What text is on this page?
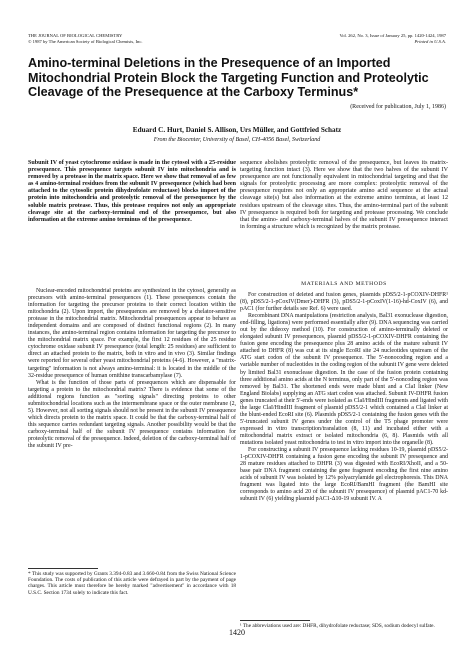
THE JOURNAL OF BIOLOGICAL CHEMISTRY
© 1987 by The American Society of Biological Chemists, Inc.
Vol. 262, No. 3, Issue of January 25, pp. 1420-1424, 1987
Printed in U.S.A.
Amino-terminal Deletions in the Presequence of an Imported Mitochondrial Protein Block the Targeting Function and Proteolytic Cleavage of the Presequence at the Carboxy Terminus*
(Received for publication, July 1, 1986)
Eduard C. Hurt, Daniel S. Allison, Urs Müller, and Gottfried Schatz
From the Biocenter, University of Basel, CH-4056 Basel, Switzerland
Subunit IV of yeast cytochrome oxidase is made in the cytosol with a 25-residue presequence. This presequence targets subunit IV into mitochondria and is removed by a protease in the matrix space. Here we show that removal of as few as 4 amino-terminal residues from the subunit IV presequence (which had been attached to the cytosolic protein dihydrofolate reductase) blocks import of the protein into mitochondria and proteolytic removal of the presequence by the soluble matrix protease. Thus, this protease requires not only an appropriate cleavage site at the carboxy-terminal end of the presequence, but also information at the extreme amino terminus of the presequence.
sequence abolishes proteolytic removal of the presequence, but leaves its matrix-targeting function intact (3). Here we show that the two halves of the subunit IV presequence are not functionally equivalent in mitochondrial targeting and that the signals for proteolytic processing are more complex: proteolytic removal of the presequence requires not only an appropriate amino acid sequence at the actual cleavage site(s) but also information at the extreme amino terminus, at least 12 residues upstream of the cleavage sites. Thus, the amino-terminal part of the subunit IV presequence is required both for targeting and protease processing. We conclude that the amino- and carboxy-terminal halves of the subunit IV presequence interact in forming a structure which is recognized by the matrix protease.

Nuclear-encoded mitochondrial proteins are synthesized in the cytosol, generally as precursors with amino-terminal presequences (1). These presequences contain the information for targeting the precursor proteins to their correct location within the mitochondria (2). Upon import, the presequences are removed by a chelator-sensitive protease in the mitochondrial matrix. Mitochondrial presequences appear to behave as independent domains and are composed of distinct functional regions (2). In many instances, the amino-terminal region contains information for targeting the precursor to the mitochondrial matrix space. For example, the first 12 residues of the 25 residue cytochrome oxidase subunit IV presequence (total length: 25 residues) are sufficient to direct an attached protein to the matrix, both in vitro and in vivo (3). Similar findings were reported for several other yeast mitochondrial proteins (4-6). However, a "matrix-targeting" information is not always amino-terminal: it is located in the middle of the 32-residue presequence of human ornithine transcarbamylase (7).

What is the function of those parts of presequences which are dispensable for targeting a protein to the mitochondrial matrix? There is evidence that some of the additional regions function as "sorting signals" directing proteins to other submitochondrial locations such as the intermembrane space or the outer membrane (2, 5). However, not all sorting signals should not be present in the subunit IV presequence which directs protein to the matrix space. It could be that the carboxy-terminal half of this sequence carries redundant targeting signals. Another possibility would be that the carboxy-terminal half of the subunit IV presequence contains information for proteolytic removal of the presequence. Indeed, deletion of the carboxy-terminal half of the subunit IV pre-

MATERIALS AND METHODS

For construction of deleted and fusion genes, plasmids pDS5/2-1-pCOXIV-DHFR¹ (8), pDS5/2-1-pCoxIV(Dmer)-DHFR (3), pDS5/2-1-pCoxIV(1-16)-hd-CoxIV (6), and pAC1 (for further details see Ref. 6) were used.

Recombinant DNA manipulations (restriction analysis, Bal31 exonuclease digestion, end-filling, ligations) were performed essentially after (9). DNA sequencing was carried out by the dideoxy method (10). For construction of amino-terminally deleted or elongated subunit IV presequences, plasmid pDS5/2-1-pCOXIV-DHFR containing the fusion gene encoding the presequence plus 28 amino acids of the mature subunit IV attached to DHFR (8) was cut at its single EcoRI site 24 nucleotides upstream of the ATG start codon of the subunit IV presequence. The 5'-nonocoding region and a variable number of nucleotides in the coding region of the subunit IV gene were deleted by limited Bal31 exonuclease digestion. In the case of the fusion protein containing three additional amino acids at the N terminus, only part of the 5'-noncoding region was removed by Bal31. The shortened ends were made blunt and a ClaI linker (New England Biolabs) supplying an ATG start codon was attached. Subunit IV-DHFR fusion genes truncated at their 5'-ends were isolated as ClaI/HindIII fragments and ligated with the large ClaI/HindIII fragment of plasmid pDS5/2-1 which contained a ClaI linker at the blunt-ended EcoRI site (6). Plasmids pDS5/2-1 containing the fusion genes with the 5'-truncated subunit IV genes under the control of the T5 phage promoter were expressed in vitro transcription/translation (8, 11) and incubated either with a mitochondrial matrix extract or isolated mitochondria (6, 8). Plasmids with all mutations isolated yeast mitochondria to test in vitro import into the organelle (8).

For constructing a subunit IV presequence lacking residues 10-19, plasmid pDS5/2-1-pCOXIV-DHFR containing a fusion gene encoding the subunit IV presequence and 28 mature residues attached to DHFR (3) was digested with EcoRI/XhoII, and a 50-base pair DNA fragment containing the gene fragment encoding the first nine amino acids of subunit IV was isolated by 12% polyacrylamide gel electrophoresis. This DNA fragment was ligated into the large EcoRI/BamHI fragment (the BamHI site corresponds to amino acid 20 of the subunit IV presequence) of plasmid pAC1-70 kd-subunit IV (6) yielding plasmid pAC1-Δ10-19 subunit IV. A

* This study was supported by Grants 3.394-0.83 and 3.660-0.84 from the Swiss National Science Foundation. The costs of publication of this article were defrayed in part by the payment of page charges. This article must therefore be hereby marked "advertisement" in accordance with 18 U.S.C. Section 1734 solely to indicate this fact.
¹ The abbreviations used are: DHFR, dihydrofolate reductase; SDS, sodium dodecyl sulfate.
1420
